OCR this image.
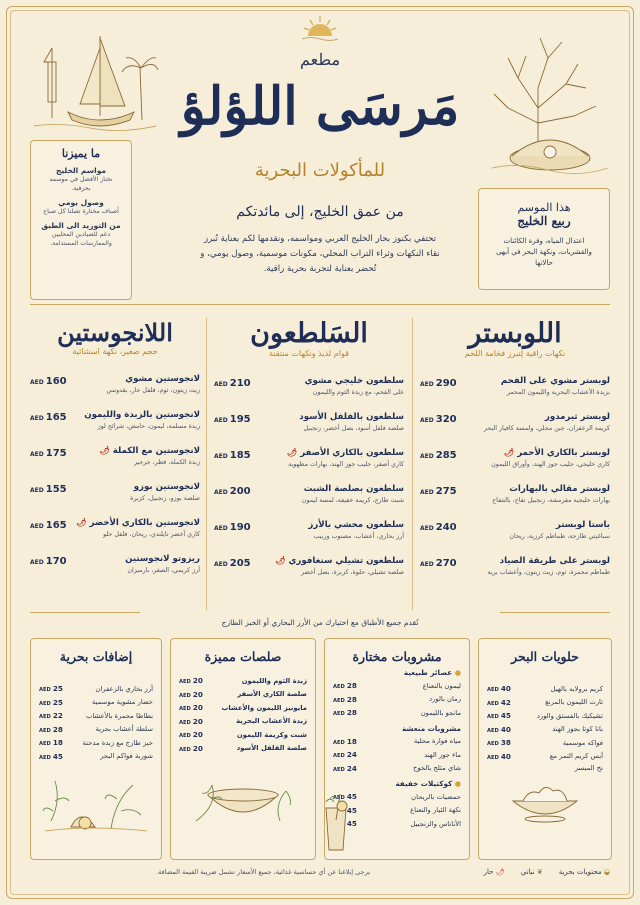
مطعم
مَرسَى اللؤلؤ
للمأكولات البحرية
من عمق الخليج، إلى مائدتكم
تحتفي بكنوز بحار الخليج العربي ومواسمه، ونقدمها لكم بعناية تُبرز نقاء النكهات وثراء التراب المحلي، مكونات موسمية، وصول يومي، و تُحضر بعناية لتجربة بحرية راقية.
ما يميزنا
مواسم الخليج
نختار الأفضل في موسمه بحرفية.
وصول يومي
أصناف مختارة تصلنا كل صباح
من التوريد الى الطبق
دعم للصيادين المحليين والممارسات المستدامة.
هذا الموسم
ربيع الخليج
اعتدال المياه، وفرة الكائنات والقشريات، ونكهة البحر في أبهى حالاتها
اللوبستر
نكهات راقية لِتبرز فخامة اللحم
لوبستر مشوي على الفحم
بزبدة الأعشاب البحرية والليمون المحمر
AED 290
لوبستر ثيرمدور
كريمة الزعفران، جبن محلي، ولمسة كافيار البحر
AED 320
لوبستر بالكاري الأحمر 🌶
كاري خليجي، حليب جوز الهند، وأوراق الليمون
AED 285
لوبستر مقالي بالبهارات
بهارات خليجية مقرمشة، زنجبيل تفاح، بالتتفاح
AED 275
باستا لوبستر
سباغيتي طازجة، طماطم كرزية، ريحان
AED 240
لوبستر على طريقة الصياد
طماطم محمرة، ثوم، زيت زيتون، وأعشاب برية
AED 270
السَلطعون
قوام لذيذ ونكهات منتقنة
سلطعون خليجي مشوي
على الفحم، مع زبدة الثوم والليمون
AED 210
سلطعون بالفلفل الأسود
صلصة فلفل أسود، بصل أخضر، زنجبيل
AED 195
سلطعون بالكاري الأصفر 🌶
كاري أصفر، حليب جوز الهند، بهارات مطهوية
AED 185
سلطعون بصلصة الشبت
شبت طازج، كريمة خفيفة، لمسة ليمون
AED 200
سلطعون محشي بالأرز
أرز بحاري، أعشاب، مصنوب وزبيب
AED 190
سلطعون تشيلي سنغافوري 🌶
صلصة تشيلي، حلوة، كزبرة، بصل أخضر
AED 205
اللانجوستين
حجم صغير، نكهة استثنائية
لانجوستين مشوي
زيت زيتون، ثوم، فلفل حار، بقدونس
AED 160
لانجوستين بالزبدة والليمون
زبدة مسلمة، ليمون، حامض، شرائح لوز
AED 165
لانجوستين مع الكملة 🌶
زبدة الكملة، فطر، جرجير
AED 175
لانجوستين بوزو
صلصة بوزو، زنجبيل، كزبرة
AED 155
لانجوستين بالكاري الأخضر 🌶
كاري أخضر تايلندي، ريحان، فلفل حلو
AED 165
ريزوتو لانجوستين
أرز كريمي، الصفر، بارميزان
AED 170
تُقدم جميع الأطباق مع اختيارك من الأرز البحاري أو الخبز الطازج
حلويات البحر
كريم برولايه بالهيل
AED 40
تارت الليمون بالمرنغ
AED 42
تشيكيك بالفستق والورد
AED 45
بانا كوتا بجوز الهند
AED 40
فواكه موسمية
AED 38
آيس كريم التمر مع
AED 40
نخ المبسر
مشروبات مختارة
● عصائر طبيعية
ليمون بالنعناع
AED 28
رمان بالورد
AED 28
مانجو بالليمون
AED 28
مشروبات منعشة
مياه فوارة محلية
AED 18
ماء جوز الهند
AED 24
شاي مثلج بالخوخ
AED 24
● كوكتيلات خفيفة
حمضيات بالريحان
AED 45
نكهة الثيار والنعناع
45
الأناناس والزنجبيل
45
صلصات مميزة
زبدة الثوم والليمون
AED 20
صلصة الكاري الأسفر
AED 20
مايونيز الليمون والأعشاب
AED 20
زبدة الأعشاب البحرية
AED 20
شبت وكريمة الليمون
AED 20
صلصة الفلفل الأسود
AED 20
إضافات بحرية
أرز بخاري بالزعفران
AED 25
خضار مشوية موسمية
AED 25
بطاطا محمرة بالأعشاب
AED 22
سلطة أعشاب بحرية
AED 28
خبز طازج مع زبدة مدخنة
AED 18
شوربة فواكم البحر
AED 45
◒ محتويات بحرية
❦ نباتي
🌶 حار
يرجى إبلاغنا عن أي حساسية غذائية، جميع الأسعار تشمل ضريبة القيمة المضافة.
